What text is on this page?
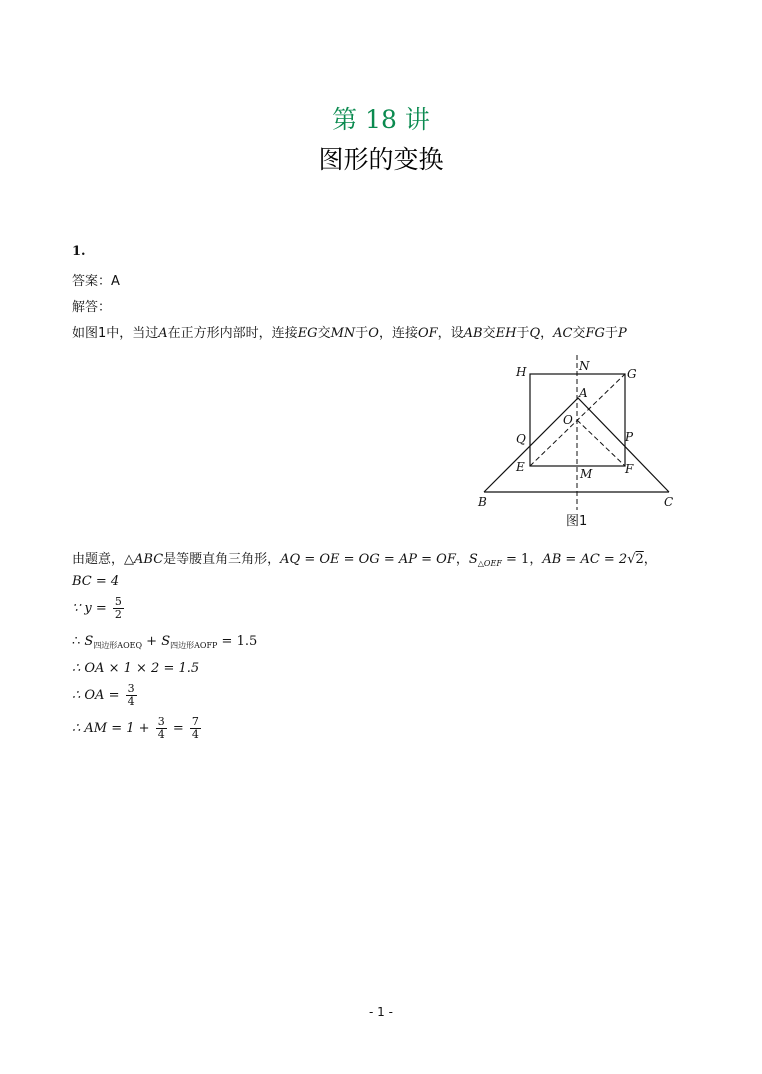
第 18 讲
图形的变换
1.
答案：A
解答：
如图1中，当过A在正方形内部时，连接EG交MN于O，连接OF，设AB交EH于Q，AC交FG于P
H	N
G
A
O
Q	P
E	M	F
B	C
图1
由题意，△ABC是等腰直角三角形，AQ = OE = OG = AP = OF，$S_{\triangle OEF} = 1$，AB = AC = 2√2，
BC = 4
∵ $y = \frac{5}{2}$
∴ $S_{四边形AOEQ} + S_{四边形AOFP} = 1.5$
∴ OA × 1 × 2 = 1.5
∴ OA = $\frac{3}{4}$
∴ AM = $1 + \frac{3}{4} = \frac{7}{4}$
- 1 -
